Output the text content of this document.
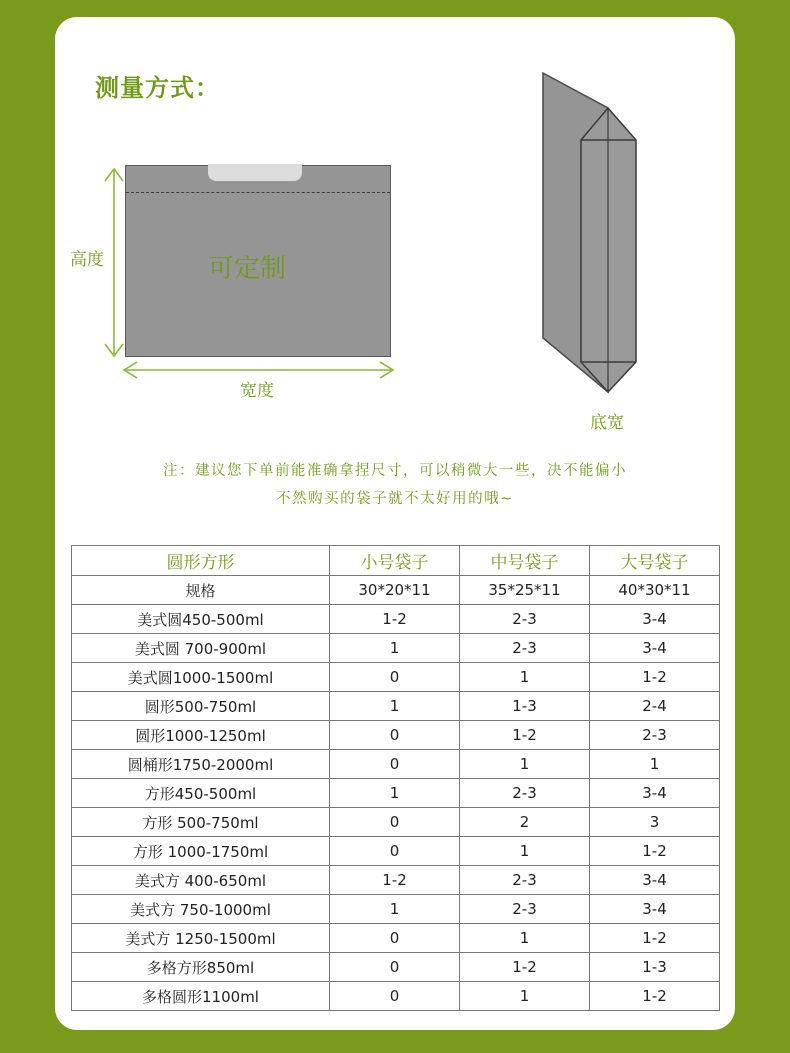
测量方式：
可定制
高度
宽度
底宽
注：建议您下单前能准确拿捏尺寸，可以稍微大一些，决不能偏小
不然购买的袋子就不太好用的哦~
圆形方形	小号袋子	中号袋子	大号袋子
规格	30*20*11	35*25*11	40*30*11
美式圆450-500ml	1-2	2-3	3-4
美式圆 700-900ml	1	2-3	3-4
美式圆1000-1500ml	0	1	1-2
圆形500-750ml	1	1-3	2-4
圆形1000-1250ml	0	1-2	2-3
圆桶形1750-2000ml	0	1	1
方形450-500ml	1	2-3	3-4
方形 500-750ml	0	2	3
方形 1000-1750ml	0	1	1-2
美式方 400-650ml	1-2	2-3	3-4
美式方 750-1000ml	1	2-3	3-4
美式方 1250-1500ml	0	1	1-2
多格方形850ml	0	1-2	1-3
多格圆形1100ml	0	1	1-2
